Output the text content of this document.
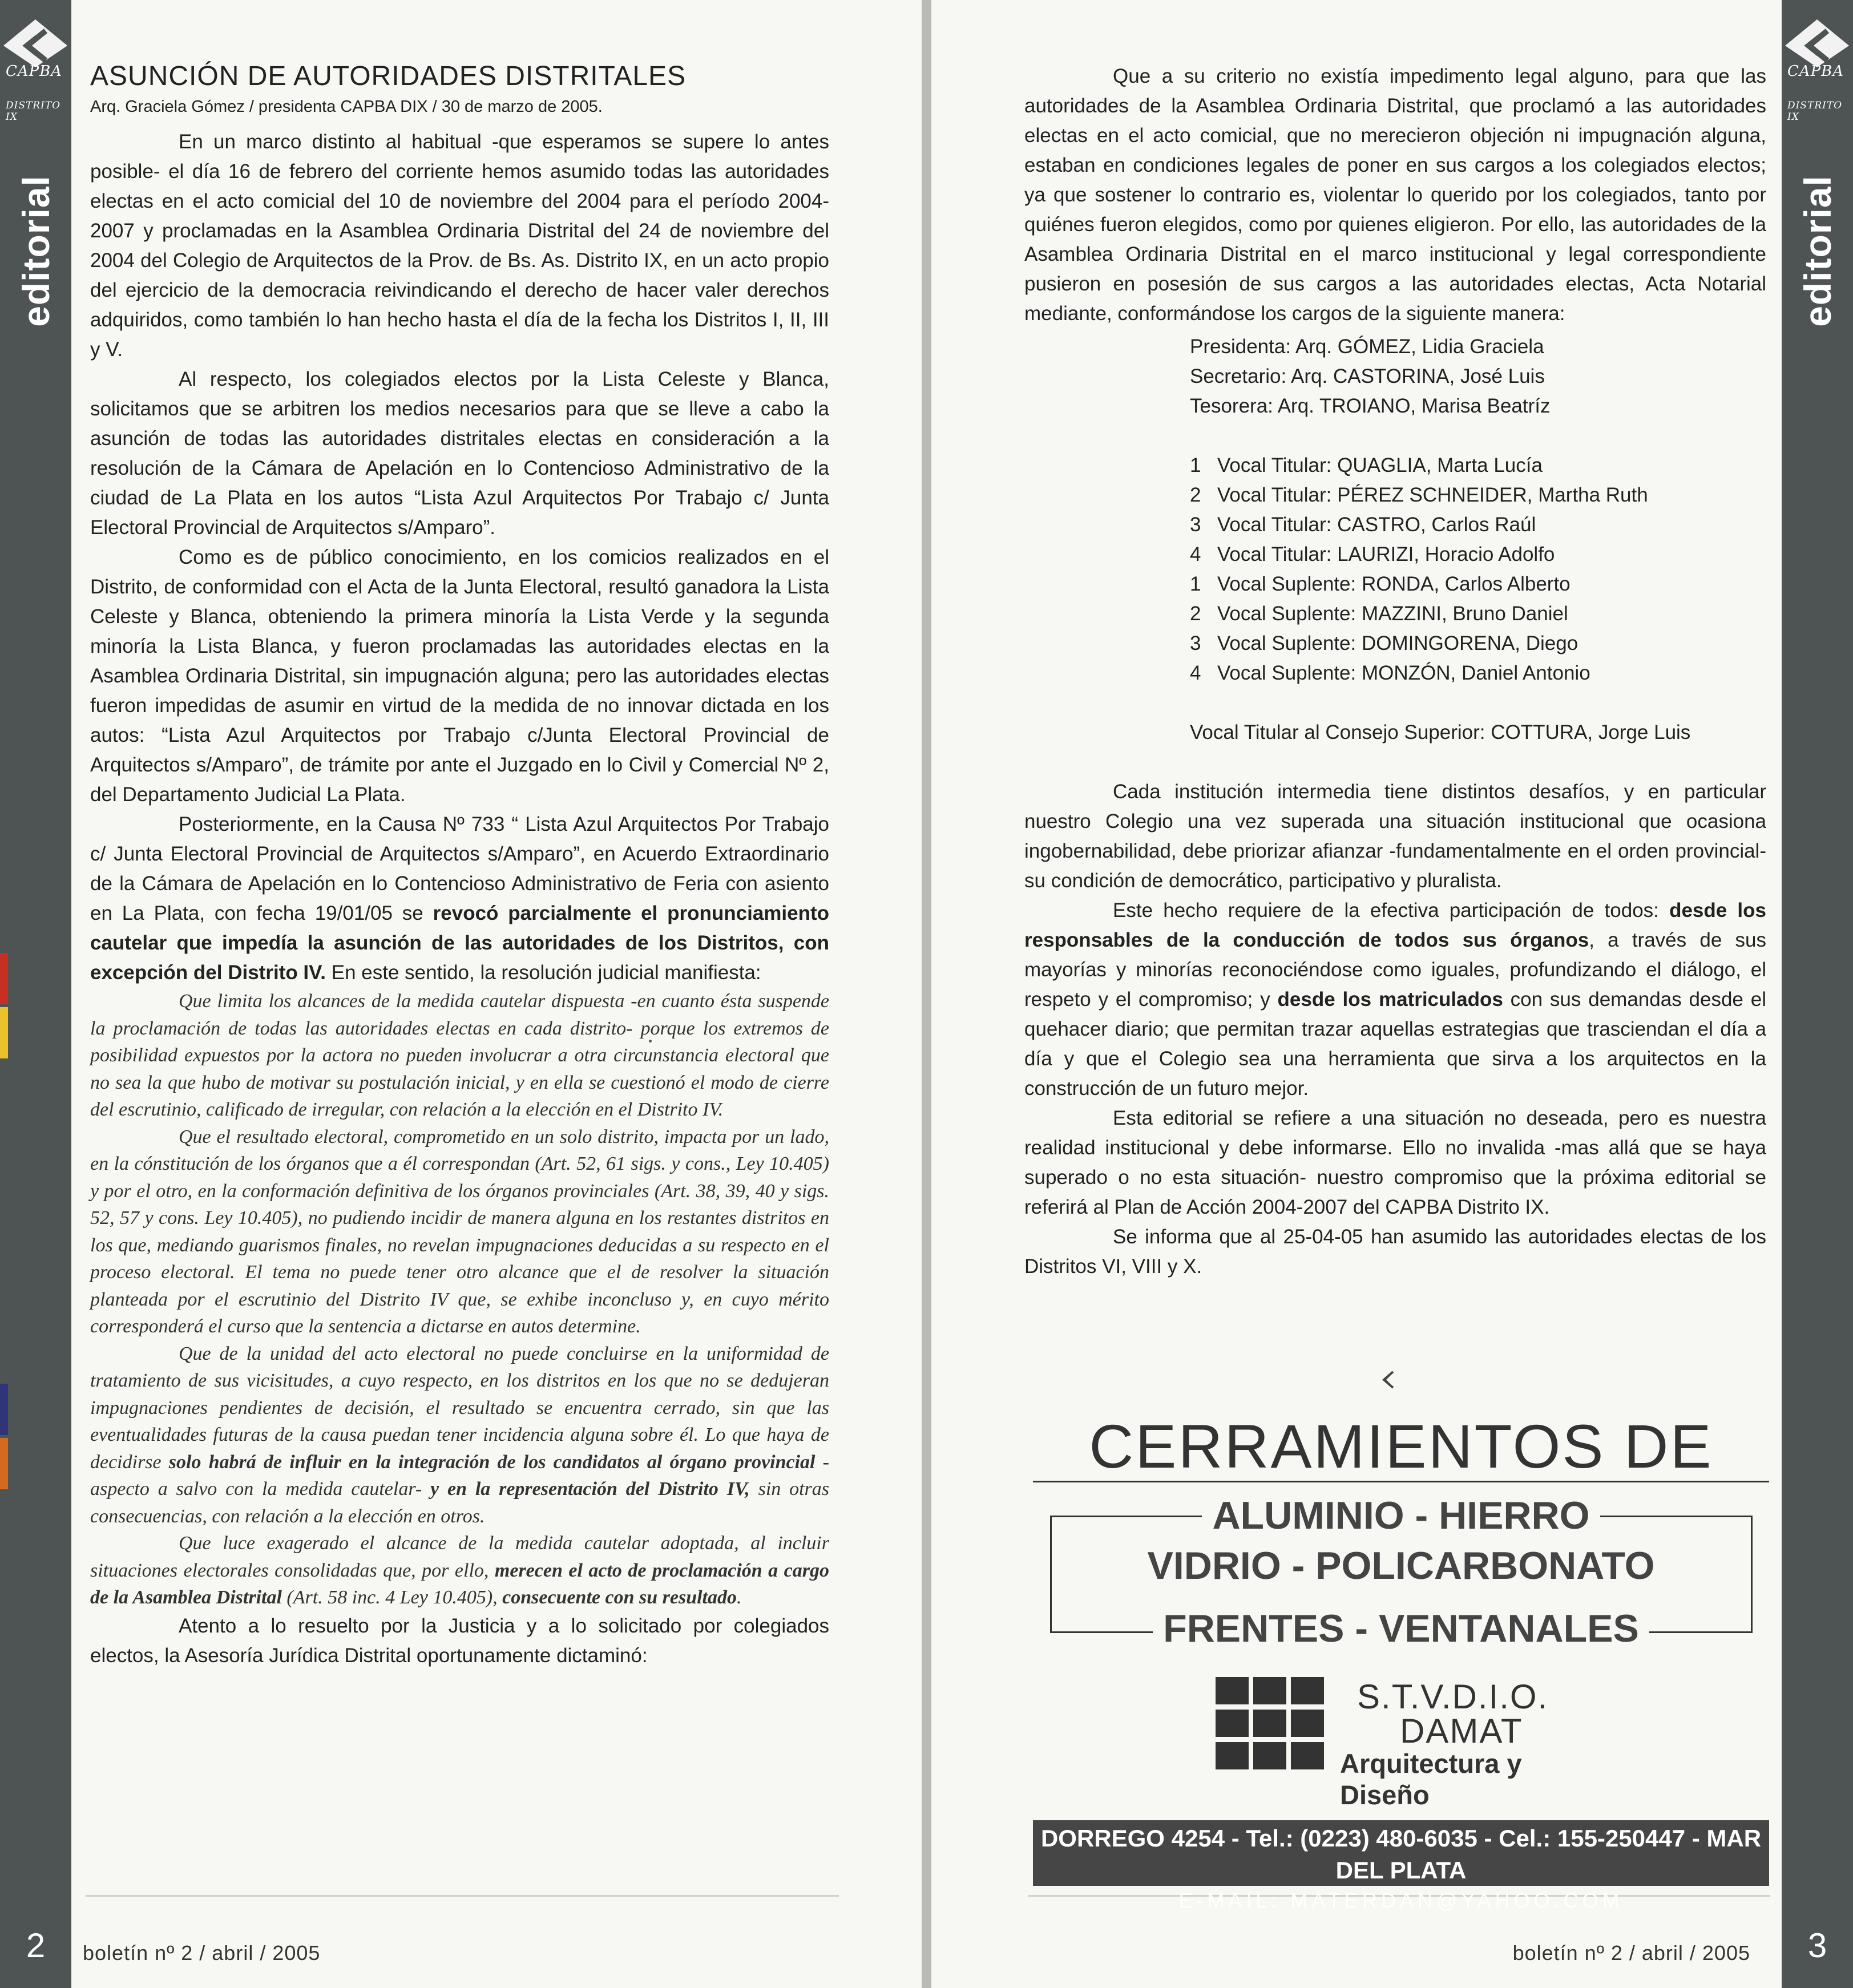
CAPBA
DISTRITO IX
editorial
2
ASUNCIÓN DE AUTORIDADES DISTRITALES
Arq. Graciela Gómez / presidenta CAPBA DIX / 30 de marzo de 2005.

En un marco distinto al habitual -que esperamos se supere lo antes posible- el día 16 de febrero del corriente hemos asumido todas las autoridades electas en el acto comicial del 10 de noviembre del 2004 para el período 2004-2007 y proclamadas en la Asamblea Ordinaria Distrital del 24 de noviembre del 2004 del Colegio de Arquitectos de la Prov. de Bs. As. Distrito IX, en un acto propio del ejercicio de la democracia reivindicando el derecho de hacer valer derechos adquiridos, como también lo han hecho hasta el día de la fecha los Distritos I, II, III y V.

Al respecto, los colegiados electos por la Lista Celeste y Blanca, solicitamos que se arbitren los medios necesarios para que se lleve a cabo la asunción de todas las autoridades distritales electas en consideración a la resolución de la Cámara de Apelación en lo Contencioso Administrativo de la ciudad de La Plata en los autos “Lista Azul Arquitectos Por Trabajo c/ Junta Electoral Provincial de Arquitectos s/Amparo”.

Como es de público conocimiento, en los comicios realizados en el Distrito, de conformidad con el Acta de la Junta Electoral, resultó ganadora la Lista Celeste y Blanca, obteniendo la primera minoría la Lista Verde y la segunda minoría la Lista Blanca, y fueron proclamadas las autoridades electas en la Asamblea Ordinaria Distrital, sin impugnación alguna; pero las autoridades electas fueron impedidas de asumir en virtud de la medida de no innovar dictada en los autos: “Lista Azul Arquitectos por Trabajo c/Junta Electoral Provincial de Arquitectos s/Amparo”, de trámite por ante el Juzgado en lo Civil y Comercial Nº 2, del Departamento Judicial La Plata.

Posteriormente, en la Causa Nº 733 “ Lista Azul Arquitectos Por Trabajo c/ Junta Electoral Provincial de Arquitectos s/Amparo”, en Acuerdo Extraordinario de la Cámara de Apelación en lo Contencioso Administrativo de Feria con asiento en La Plata, con fecha 19/01/05 se revocó parcialmente el pronunciamiento cautelar que impedía la asunción de las autoridades de los Distritos, con excepción del Distrito IV. En este sentido, la resolución judicial manifiesta:

Que limita los alcances de la medida cautelar dispuesta -en cuanto ésta suspende la proclamación de todas las autoridades electas en cada distrito- porque los extremos de posibilidad expuestos por la actora no pueden involucrar a otra circunstancia electoral que no sea la que hubo de motivar su postulación inicial, y en ella se cuestionó el modo de cierre del escrutinio, calificado de irregular, con relación a la elección en el Distrito IV.

Que el resultado electoral, comprometido en un solo distrito, impacta por un lado, en la cónstitución de los órganos que a él correspondan (Art. 52, 61 sigs. y cons., Ley 10.405) y por el otro, en la conformación definitiva de los órganos provinciales (Art. 38, 39, 40 y sigs. 52, 57 y cons. Ley 10.405), no pudiendo incidir de manera alguna en los restantes distritos en los que, mediando guarismos finales, no revelan impugnaciones deducidas a su respecto en el proceso electoral. El tema no puede tener otro alcance que el de resolver la situación planteada por el escrutinio del Distrito IV que, se exhibe inconcluso y, en cuyo mérito corresponderá el curso que la sentencia a dictarse en autos determine.

Que de la unidad del acto electoral no puede concluirse en la uniformidad de tratamiento de sus vicisitudes, a cuyo respecto, en los distritos en los que no se dedujeran impugnaciones pendientes de decisión, el resultado se encuentra cerrado, sin que las eventualidades futuras de la causa puedan tener incidencia alguna sobre él. Lo que haya de decidirse solo habrá de influir en la integración de los candidatos al órgano provincial -aspecto a salvo con la medida cautelar- y en la representación del Distrito IV, sin otras consecuencias, con relación a la elección en otros.

Que luce exagerado el alcance de la medida cautelar adoptada, al incluir situaciones electorales consolidadas que, por ello, merecen el acto de proclamación a cargo de la Asamblea Distrital (Art. 58 inc. 4 Ley 10.405), consecuente con su resultado.

Atento a lo resuelto por la Justicia y a lo solicitado por colegiados electos, la Asesoría Jurídica Distrital oportunamente dictaminó:

boletín nº 2 / abril / 2005
CAPBA
DISTRITO IX
editorial
3
boletín nº 2 / abril / 2005

Que a su criterio no existía impedimento legal alguno, para que las autoridades de la Asamblea Ordinaria Distrital, que proclamó a las autoridades electas en el acto comicial, que no merecieron objeción ni impugnación alguna, estaban en condiciones legales de poner en sus cargos a los colegiados electos; ya que sostener lo contrario es, violentar lo querido por los colegiados, tanto por quiénes fueron elegidos, como por quienes eligieron. Por ello, las autoridades de la Asamblea Ordinaria Distrital en el marco institucional y legal correspondiente pusieron en posesión de sus cargos a las autoridades electas, Acta Notarial mediante, conformándose los cargos de la siguiente manera:

Presidenta: Arq. GÓMEZ, Lidia Graciela
Secretario: Arq. CASTORINA, José Luis
Tesorera: Arq. TROIANO, Marisa Beatríz
1 Vocal Titular: QUAGLIA, Marta Lucía
2 Vocal Titular: PÉREZ SCHNEIDER, Martha Ruth
3 Vocal Titular: CASTRO, Carlos Raúl
4 Vocal Titular: LAURIZI, Horacio Adolfo
1 Vocal Suplente: RONDA, Carlos Alberto
2 Vocal Suplente: MAZZINI, Bruno Daniel
3 Vocal Suplente: DOMINGORENA, Diego
4 Vocal Suplente: MONZÓN, Daniel Antonio
Vocal Titular al Consejo Superior: COTTURA, Jorge Luis

Cada institución intermedia tiene distintos desafíos, y en particular nuestro Colegio una vez superada una situación institucional que ocasiona ingobernabilidad, debe priorizar afianzar -fundamentalmente en el orden provincial- su condición de democrático, participativo y pluralista.

Este hecho requiere de la efectiva participación de todos: desde los responsables de la conducción de todos sus órganos, a través de sus mayorías y minorías reconociéndose como iguales, profundizando el diálogo, el respeto y el compromiso; y desde los matriculados con sus demandas desde el quehacer diario; que permitan trazar aquellas estrategias que trasciendan el día a día y que el Colegio sea una herramienta que sirva a los arquitectos en la construcción de un futuro mejor.

Esta editorial se refiere a una situación no deseada, pero es nuestra realidad institucional y debe informarse. Ello no invalida -mas allá que se haya superado o no esta situación- nuestro compromiso que la próxima editorial se referirá al Plan de Acción 2004-2007 del CAPBA Distrito IX.

Se informa que al 25-04-05 han asumido las autoridades electas de los Distritos VI, VIII y X.

CERRAMIENTOS DE
ALUMINIO - HIERRO
VIDRIO - POLICARBONATO
FRENTES - VENTANALES
S.T.V.D.I.O.
DAMAT
Arquitectura y Diseño
DORREGO 4254 - Tel.: (0223) 480-6035 - Cel.: 155-250447 - MAR DEL PLATA
E-MAIL: MATERDAN@YAHOO.COM
